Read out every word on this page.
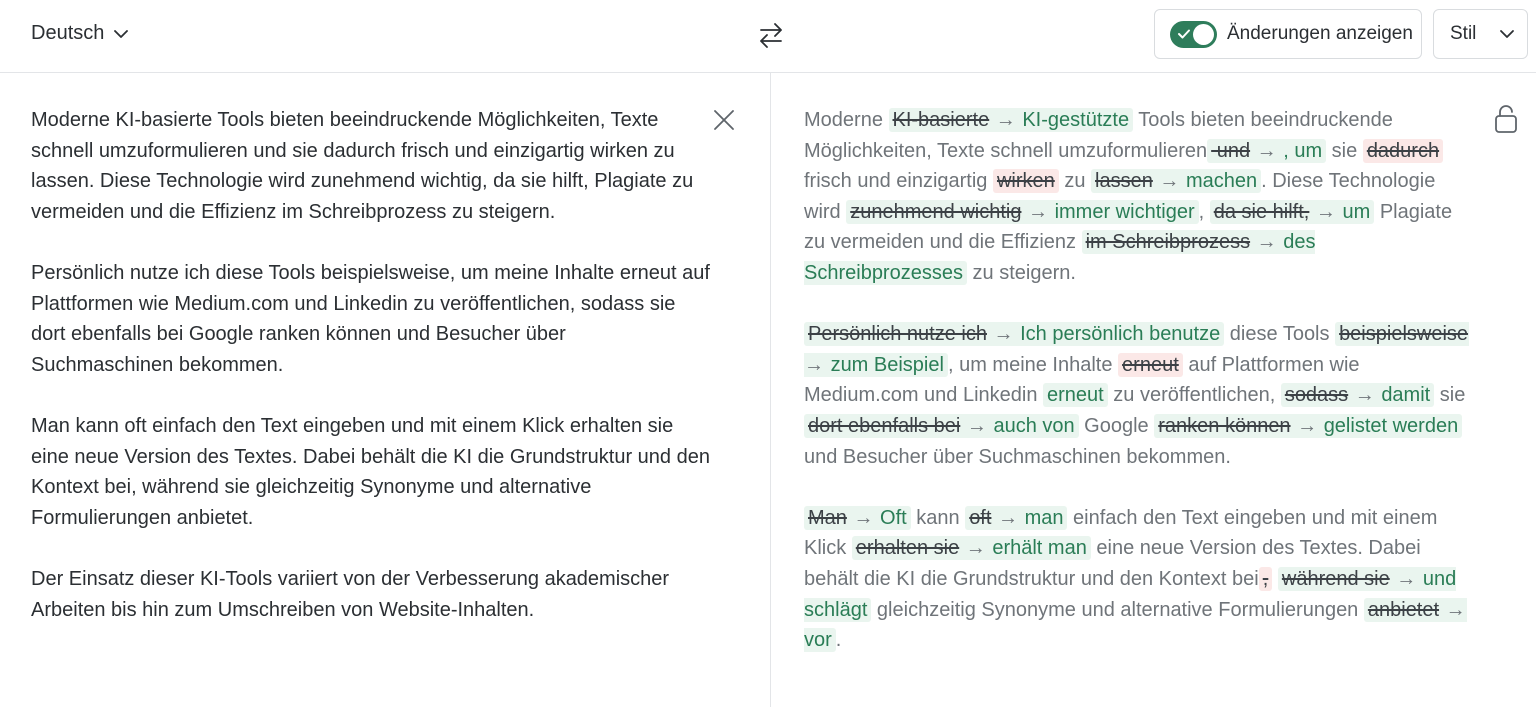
Deutsch	Änderungen anzeigen Stil

Moderne KI-basierte Tools bieten beeindruckende Möglichkeiten, Texte schnell umzuformulieren und sie dadurch frisch und einzigartig wirken zu lassen. Diese Technologie wird zunehmend wichtig, da sie hilft, Plagiate zu vermeiden und die Effizienz im Schreibprozess zu steigern.

Persönlich nutze ich diese Tools beispielsweise, um meine Inhalte erneut auf Plattformen wie Medium.com und Linkedin zu veröffentlichen, sodass sie dort ebenfalls bei Google ranken können und Besucher über Suchmaschinen bekommen.

Man kann oft einfach den Text eingeben und mit einem Klick erhalten sie eine neue Version des Textes. Dabei behält die KI die Grundstruktur und den Kontext bei, während sie gleichzeitig Synonyme und alternative Formulierungen anbietet.

Der Einsatz dieser KI-Tools variiert von der Verbesserung akademischer Arbeiten bis hin zum Umschreiben von Website-Inhalten.

Moderne KI-basierte → KI-gestützte Tools bieten beeindruckende Möglichkeiten, Texte schnell umzuformulieren und → , um sie dadurch frisch und einzigartig wirken zu lassen → machen . Diese Technologie wird zunehmend wichtig → immer wichtiger , da sie hilft, → um Plagiate zu vermeiden und die Effizienz im Schreibprozess → des Schreibprozesses zu steigern.

Persönlich nutze ich → Ich persönlich benutze diese Tools beispielsweise → zum Beispiel , um meine Inhalte erneut auf Plattformen wie Medium.com und Linkedin erneut zu veröffentlichen, sodass → damit sie dort ebenfalls bei → auch von Google ranken können → gelistet werden und Besucher über Suchmaschinen bekommen.

Man → Oft kann oft → man einfach den Text eingeben und mit einem Klick erhalten sie → erhält man eine neue Version des Textes. Dabei behält die KI die Grundstruktur und den Kontext bei , während sie → und schlägt gleichzeitig Synonyme und alternative Formulierungen anbietet → vor .
